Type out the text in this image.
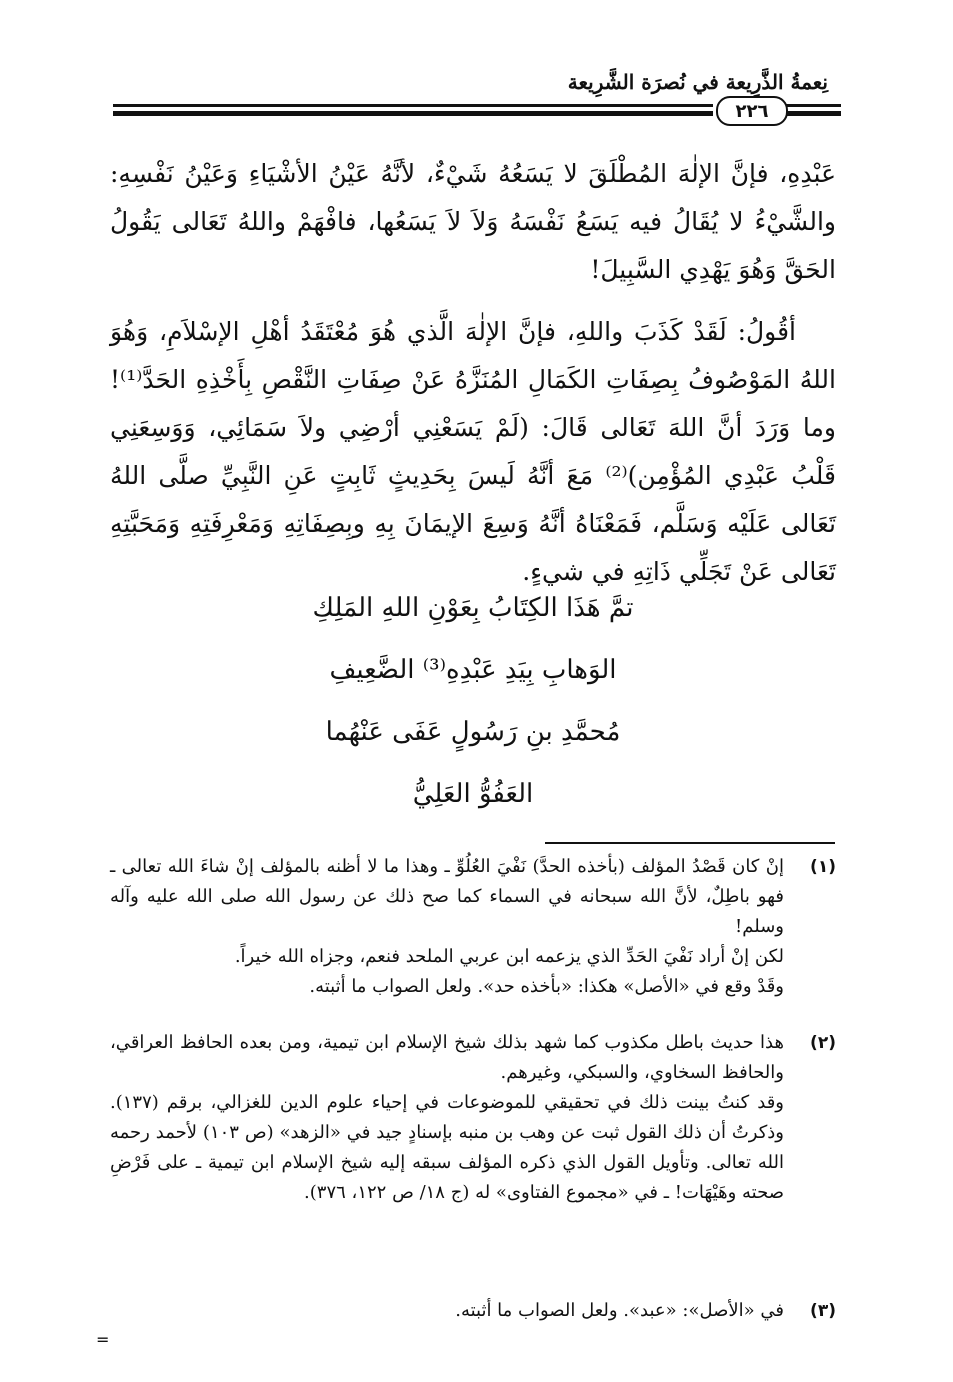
نِعمةُ الذَّرِيعة في نُصرَة الشَّرِيعة
٢٢٦

عَبْدِهِ، فإنَّ الإلٰهَ المُطْلَقَ لا يَسَعُهُ شَيْءٌ، لأنَّهُ عَيْنُ الأشْيَاءِ وَعَيْنُ نَفْسِهِ: والشَّيْءُ لا يُقَالُ فيه يَسَعُ نَفْسَهُ وَلاَ لاَ يَسَعُها، فافْهَمْ واللهُ تَعَالى يَقُولُ الحَقَّ وَهُوَ يَهْدِي السَّبِيلَ!

أقُولُ: لَقَدْ كَذَبَ واللهِ، فإنَّ الإلٰهَ الَّذي هُوَ مُعْتَقَدُ أهْلِ الإسْلاَمِ، وَهُوَ اللهُ المَوْصُوفُ بِصِفَاتِ الكَمَالِ المُنَزَّهُ عَنْ صِفَاتِ النَّقْصِ بِأَخْذِهِ الحَدَّ⁽¹⁾! وما وَرَدَ أنَّ اللهَ تَعَالى قَالَ: (لَمْ يَسَعْنِي أرْضِي ولاَ سَمَائِي، وَوَسِعَنِي قَلْبُ عَبْدِي المُؤْمِن)⁽²⁾ مَعَ أنَّهُ لَيسَ بِحَدِيثٍ ثَابِتٍ عَنِ النَّبِيِّ صلَّى اللهُ تَعَالى عَلَيْه وَسَلَّم، فَمَعْنَاهُ أنَّهُ وَسِعَ الإيمَانَ بِهِ وبِصِفَاتِهِ وَمَعْرِفَتِهِ وَمَحَبَّتِهِ تَعَالى عَنْ تَجَلِّي ذَاتِهِ في شيءٍ.

تمَّ هَذَا الكِتَابُ بِعَوْنِ اللهِ المَلِكِ
الوَهابِ بِيَدِ عَبْدِهِ⁽³⁾ الضَّعِيفِ
مُحمَّدِ بنِ رَسُولٍ عَفَى عَنْهُما
العَفُوُّ العَلِيُّ
(١)

إنْ كان قَصْدُ المؤلف (بأخذه الحدَّ) نَفْيَ العُلُوِّ ـ وهذا ما لا أظنه بالمؤلف إنْ شاءَ الله تعالى ـ فهو باطِلٌ، لأنَّ الله سبحانه في السماء كما صح ذلك عن رسول الله صلى الله عليه وآله وسلم!

لكن إنْ أراد نَفْيَ الحَدِّ الذي يزعمه ابن عربي الملحد فنعم، وجزاه الله خيراً.

وقَدْ وقع في «الأصل» هكذا: «بأخذه حد». ولعل الصواب ما أثبته.

(٢)

هذا حديث باطل مكذوب كما شهد بذلك شيخ الإسلام ابن تيمية، ومن بعده الحافظ العراقي، والحافظ السخاوي، والسبكي، وغيرهم.

وقد كنتُ بينت ذلك في تحقيقي للموضوعات في إحياء علوم الدين للغزالي، برقم (١٣٧). وذكرتُ أن ذلك القول ثبت عن وهب بن منبه بإسنادٍ جيد في «الزهد» (ص ١٠٣) لأحمد رحمه الله تعالى. وتأويل القول الذي ذكره المؤلف سبقه إليه شيخ الإسلام ابن تيمية ـ على فَرْضِ صحته وهَيْهَات! ـ في «مجموع الفتاوى» له (ج ١٨/ ص ١٢٢، ٣٧٦).

(٣)

في «الأصل»: «عبد». ولعل الصواب ما أثبته.

=
